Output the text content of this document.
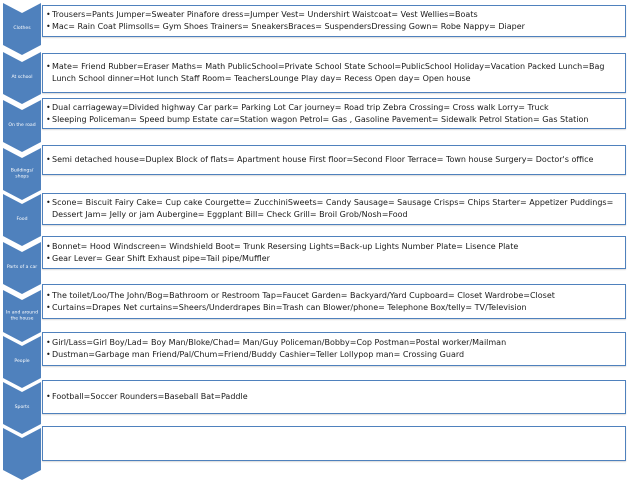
Clothes
• Trousers=Pants Jumper=Sweater Pinafore dress=Jumper Vest= Undershirt Waistcoat= Vest Wellies=Boats
• Mac= Rain Coat Plimsolls= Gym Shoes Trainers= SneakersBraces= SuspendersDressing Gown= Robe Nappy= Diaper
At school
• Mate= Friend Rubber=Eraser Maths= Math PublicSchool=Private School State School=PublicSchool Holiday=Vacation Packed Lunch=Bag Lunch School dinner=Hot lunch Staff Room= TeachersLounge Play day= Recess Open day= Open house
On the road
• Dual carriageway=Divided highway Car park= Parking Lot Car journey= Road trip Zebra Crossing= Cross walk Lorry= Truck
• Sleeping Policeman= Speed bump Estate car=Station wagon Petrol= Gas , Gasoline Pavement= Sidewalk Petrol Station= Gas Station
Buildings/ shops
• Semi detached house=Duplex Block of flats= Apartment house First floor=Second Floor Terrace= Town house Surgery= Doctor's office
Food
• Scone= Biscuit Fairy Cake= Cup cake Courgette= ZucchiniSweets= Candy Sausage= Sausage Crisps= Chips Starter= Appetizer Puddings= Dessert Jam= Jelly or jam Aubergine= Eggplant Bill= Check Grill= Broil Grob/Nosh=Food
Parts of a car
• Bonnet= Hood Windscreen= Windshield Boot= Trunk Resersing Lights=Back-up Lights Number Plate= Lisence Plate
• Gear Lever= Gear Shift Exhaust pipe=Tail pipe/Muffler
In and around the house
• The toilet/Loo/The John/Bog=Bathroom or Restroom Tap=Faucet Garden= Backyard/Yard Cupboard= Closet Wardrobe=Closet
• Curtains=Drapes Net curtains=Sheers/Underdrapes Bin=Trash can Blower/phone= Telephone Box/telly= TV/Television
People
• Girl/Lass=Girl Boy/Lad= Boy Man/Bloke/Chad= Man/Guy Policeman/Bobby=Cop Postman=Postal worker/Mailman
• Dustman=Garbage man Friend/Pal/Chum=Friend/Buddy Cashier=Teller Lollypop man= Crossing Guard
Sports
• Football=Soccer Rounders=Baseball Bat=Paddle
